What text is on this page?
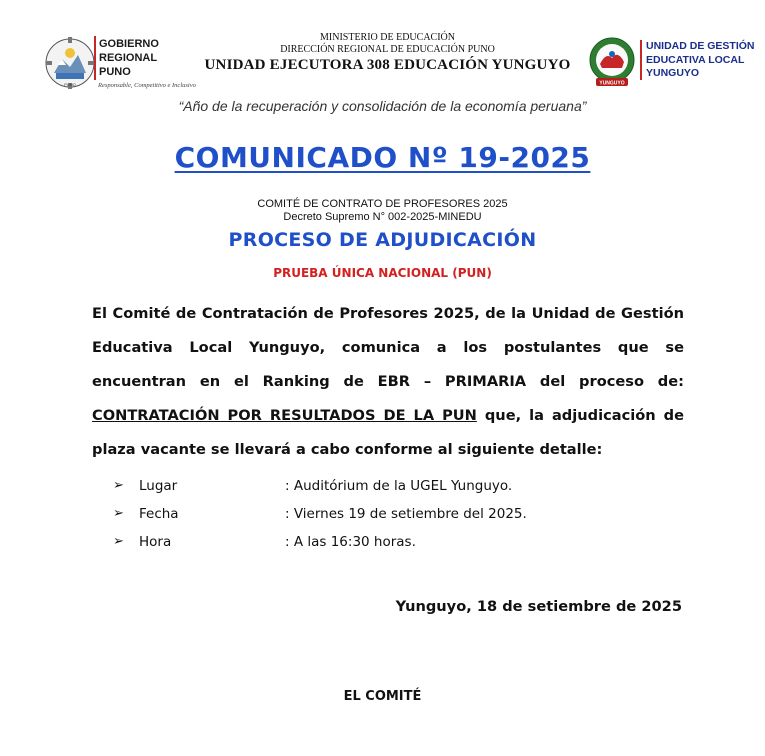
PUNO
GOBIERNO
REGIONAL
PUNO
Responsable, Competitivo e Inclusivo
MINISTERIO DE EDUCACIÓN
DIRECCIÓN REGIONAL DE EDUCACIÓN PUNO
UNIDAD EJECUTORA 308 EDUCACIÓN YUNGUYO
YUNGUYO
UNIDAD DE GESTIÓN
EDUCATIVA LOCAL
YUNGUYO
“Año de la recuperación y consolidación de la economía peruana”
COMUNICADO Nº 19-2025
COMITÉ DE CONTRATO DE PROFESORES 2025
Decreto Supremo N° 002-2025-MINEDU
PROCESO DE ADJUDICACIÓN
PRUEBA ÚNICA NACIONAL (PUN)
El Comité de Contratación de Profesores 2025, de la Unidad de Gestión Educativa Local Yunguyo, comunica a los postulantes que se encuentran en el Ranking de EBR – PRIMARIA del proceso de: CONTRATACIÓN POR RESULTADOS DE LA PUN que, la adjudicación de plaza vacante se llevará a cabo conforme al siguiente detalle:
➢ Lugar	: Auditórium de la UGEL Yunguyo.
➢ Fecha	: Viernes 19 de setiembre del 2025.
➢ Hora	: A las 16:30 horas.
Yunguyo, 18 de setiembre de 2025
EL COMITÉ
